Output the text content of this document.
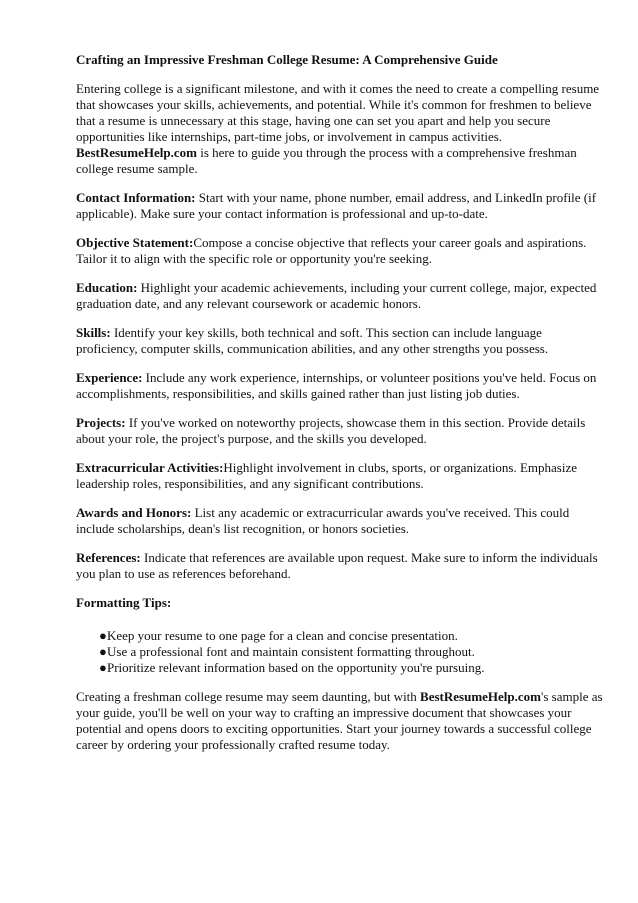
Crafting an Impressive Freshman College Resume: A Comprehensive Guide

Entering college is a significant milestone, and with it comes the need to create a compelling resume that showcases your skills, achievements, and potential. While it's common for freshmen to believe that a resume is unnecessary at this stage, having one can set you apart and help you secure opportunities like internships, part-time jobs, or involvement in campus activities. BestResumeHelp.com is here to guide you through the process with a comprehensive freshman college resume sample.

Contact Information: Start with your name, phone number, email address, and LinkedIn profile (if applicable). Make sure your contact information is professional and up-to-date.

Objective Statement:Compose a concise objective that reflects your career goals and aspirations. Tailor it to align with the specific role or opportunity you're seeking.

Education: Highlight your academic achievements, including your current college, major, expected graduation date, and any relevant coursework or academic honors.

Skills: Identify your key skills, both technical and soft. This section can include language proficiency, computer skills, communication abilities, and any other strengths you possess.

Experience: Include any work experience, internships, or volunteer positions you've held. Focus on accomplishments, responsibilities, and skills gained rather than just listing job duties.

Projects: If you've worked on noteworthy projects, showcase them in this section. Provide details about your role, the project's purpose, and the skills you developed.

Extracurricular Activities:Highlight involvement in clubs, sports, or organizations. Emphasize leadership roles, responsibilities, and any significant contributions.

Awards and Honors: List any academic or extracurricular awards you've received. This could include scholarships, dean's list recognition, or honors societies.

References: Indicate that references are available upon request. Make sure to inform the individuals you plan to use as references beforehand.

Formatting Tips:

● Keep your resume to one page for a clean and concise presentation.
● Use a professional font and maintain consistent formatting throughout.
● Prioritize relevant information based on the opportunity you're pursuing.

Creating a freshman college resume may seem daunting, but with BestResumeHelp.com's sample as your guide, you'll be well on your way to crafting an impressive document that showcases your potential and opens doors to exciting opportunities. Start your journey towards a successful college career by ordering your professionally crafted resume today.
